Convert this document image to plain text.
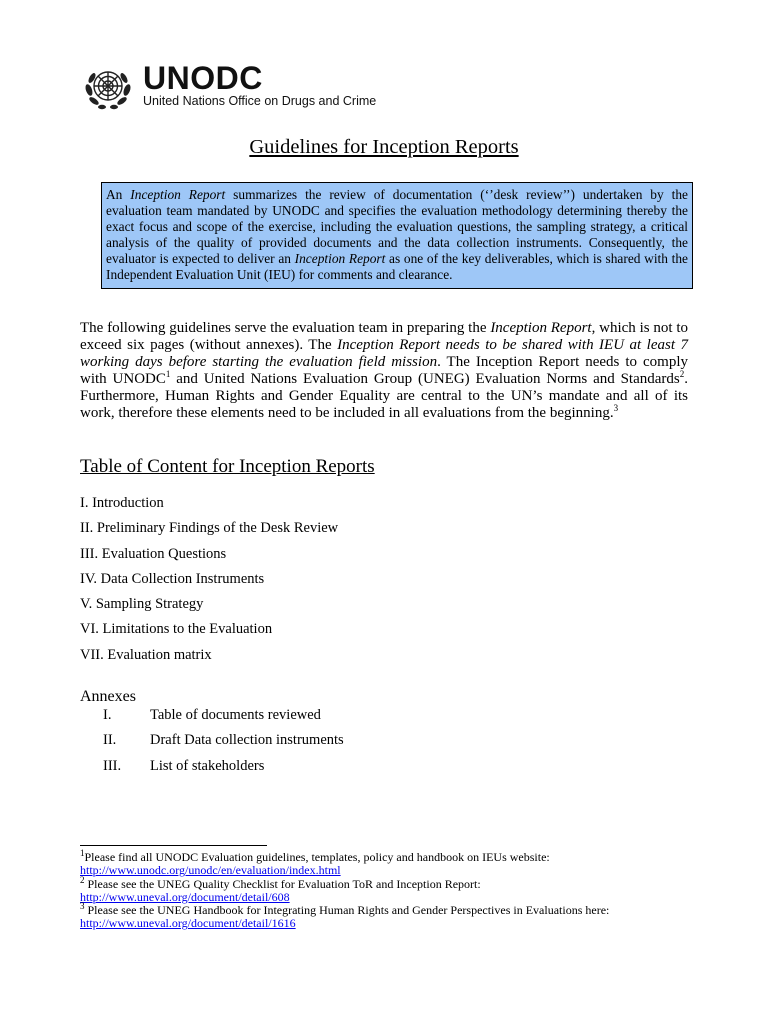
UNODC
United Nations Office on Drugs and Crime
Guidelines for Inception Reports
An Inception Report summarizes the review of documentation (‘’desk review’’) undertaken by the evaluation team mandated by UNODC and specifies the evaluation methodology determining thereby the exact focus and scope of the exercise, including the evaluation questions, the sampling strategy, a critical analysis of the quality of provided documents and the data collection instruments. Consequently, the evaluator is expected to deliver an Inception Report as one of the key deliverables, which is shared with the Independent Evaluation Unit (IEU) for comments and clearance.
The following guidelines serve the evaluation team in preparing the Inception Report, which is not to exceed six pages (without annexes). The Inception Report needs to be shared with IEU at least 7 working days before starting the evaluation field mission. The Inception Report needs to comply with UNODC$^1$ and United Nations Evaluation Group (UNEG) Evaluation Norms and Standards$^2$. Furthermore, Human Rights and Gender Equality are central to the UN’s mandate and all of its work, therefore these elements need to be included in all evaluations from the beginning.$^3$
Table of Content for Inception Reports
I. Introduction
II. Preliminary Findings of the Desk Review
III. Evaluation Questions
IV. Data Collection Instruments
V. Sampling Strategy
VI. Limitations to the Evaluation
VII. Evaluation matrix
Annexes
I.	Table of documents reviewed
II.	Draft Data collection instruments
III.	List of stakeholders
$^1$Please find all UNODC Evaluation guidelines, templates, policy and handbook on IEUs website:
http://www.unodc.org/unodc/en/evaluation/index.html
$^2$ Please see the UNEG Quality Checklist for Evaluation ToR and Inception Report:
http://www.uneval.org/document/detail/608
$^3$ Please see the UNEG Handbook for Integrating Human Rights and Gender Perspectives in Evaluations here:
http://www.uneval.org/document/detail/1616
